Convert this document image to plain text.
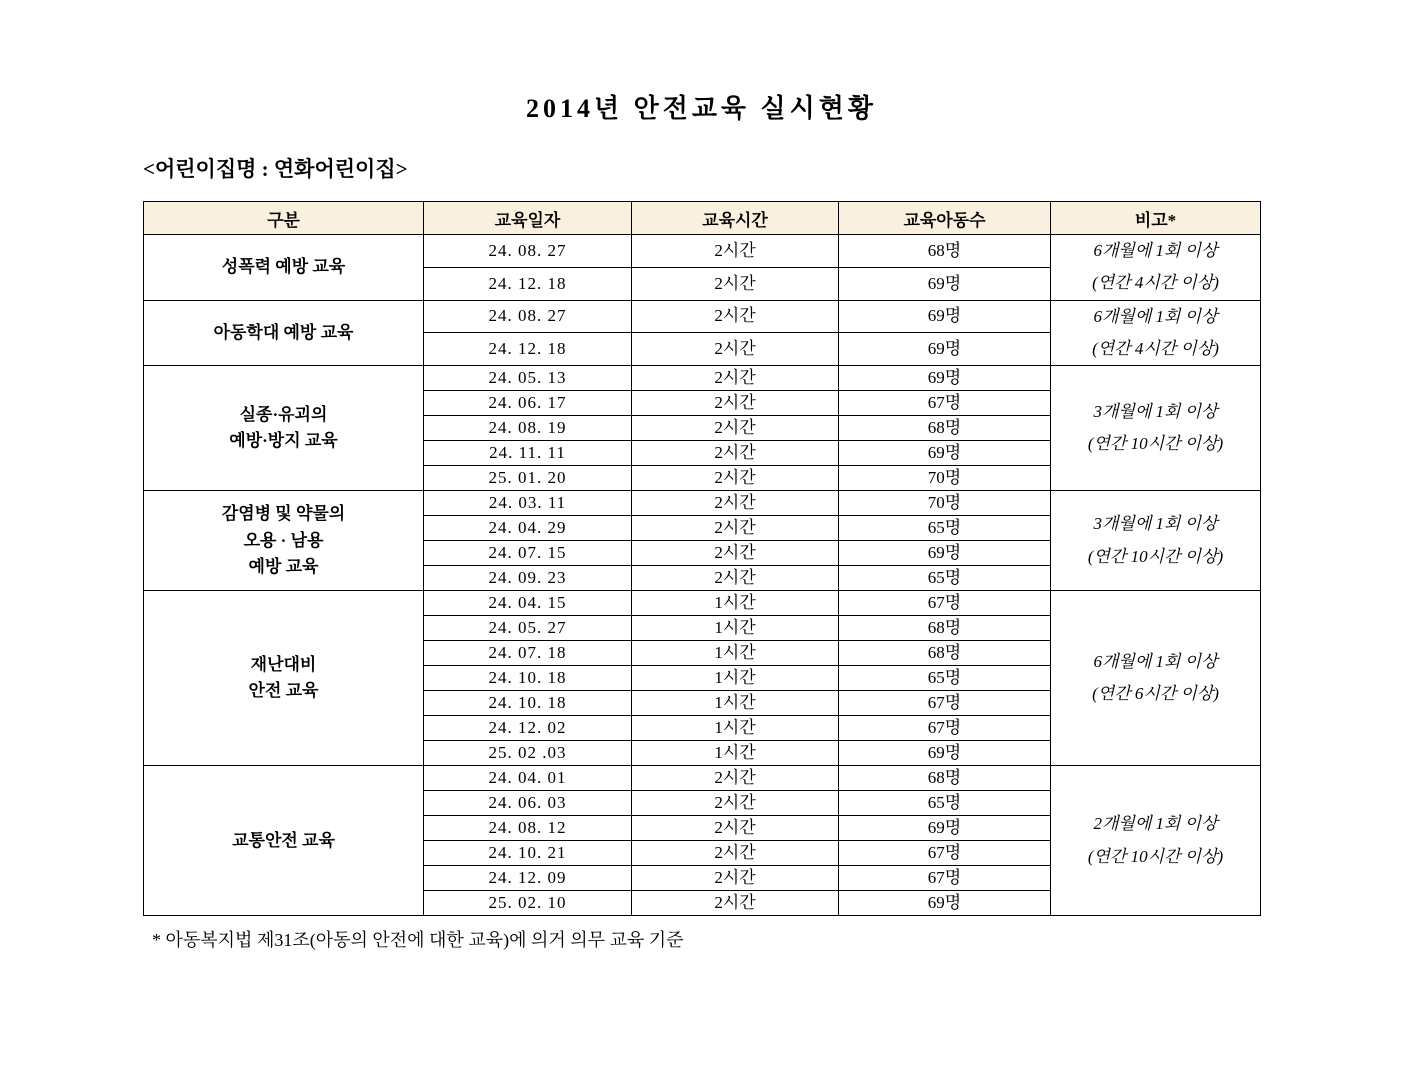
2014년 안전교육 실시현황
<어린이집명 : 연화어린이집>
구분	교육일자	교육시간	교육아동수	비고*

성폭력 예방 교육	24. 08. 27	2시간	68명	6개월에 1회 이상
(연간 4시간 이상)

	24. 12. 18	2시간	69명	

아동학대 예방 교육	24. 08. 27	2시간	69명	6개월에 1회 이상
(연간 4시간 이상)

	24. 12. 18	2시간	69명	

실종·유괴의
예방·방지 교육	24. 05. 13	2시간	69명	3개월에 1회 이상
(연간 10시간 이상)

	24. 06. 17	2시간	67명	
	24. 08. 19	2시간	68명	
	24. 11. 11	2시간	69명	
	25. 01. 20	2시간	70명	

감염병 및 약물의
오용 · 남용
예방 교육	24. 03. 11	2시간	70명	3개월에 1회 이상
(연간 10시간 이상)

	24. 04. 29	2시간	65명	
	24. 07. 15	2시간	69명	
	24. 09. 23	2시간	65명	

재난대비
안전 교육	24. 04. 15	1시간	67명	6개월에 1회 이상
(연간 6시간 이상)

	24. 05. 27	1시간	68명	
	24. 07. 18	1시간	68명	
	24. 10. 18	1시간	65명	
	24. 10. 18	1시간	67명	
	24. 12. 02	1시간	67명	
	25. 02 .03	1시간	69명	

교통안전 교육	24. 04. 01	2시간	68명	2개월에 1회 이상
(연간 10시간 이상)

	24. 06. 03	2시간	65명	
	24. 08. 12	2시간	69명	
	24. 10. 21	2시간	67명	
	24. 12. 09	2시간	67명	
	25. 02. 10	2시간	69명	
* 아동복지법 제31조(아동의 안전에 대한 교육)에 의거 의무 교육 기준
